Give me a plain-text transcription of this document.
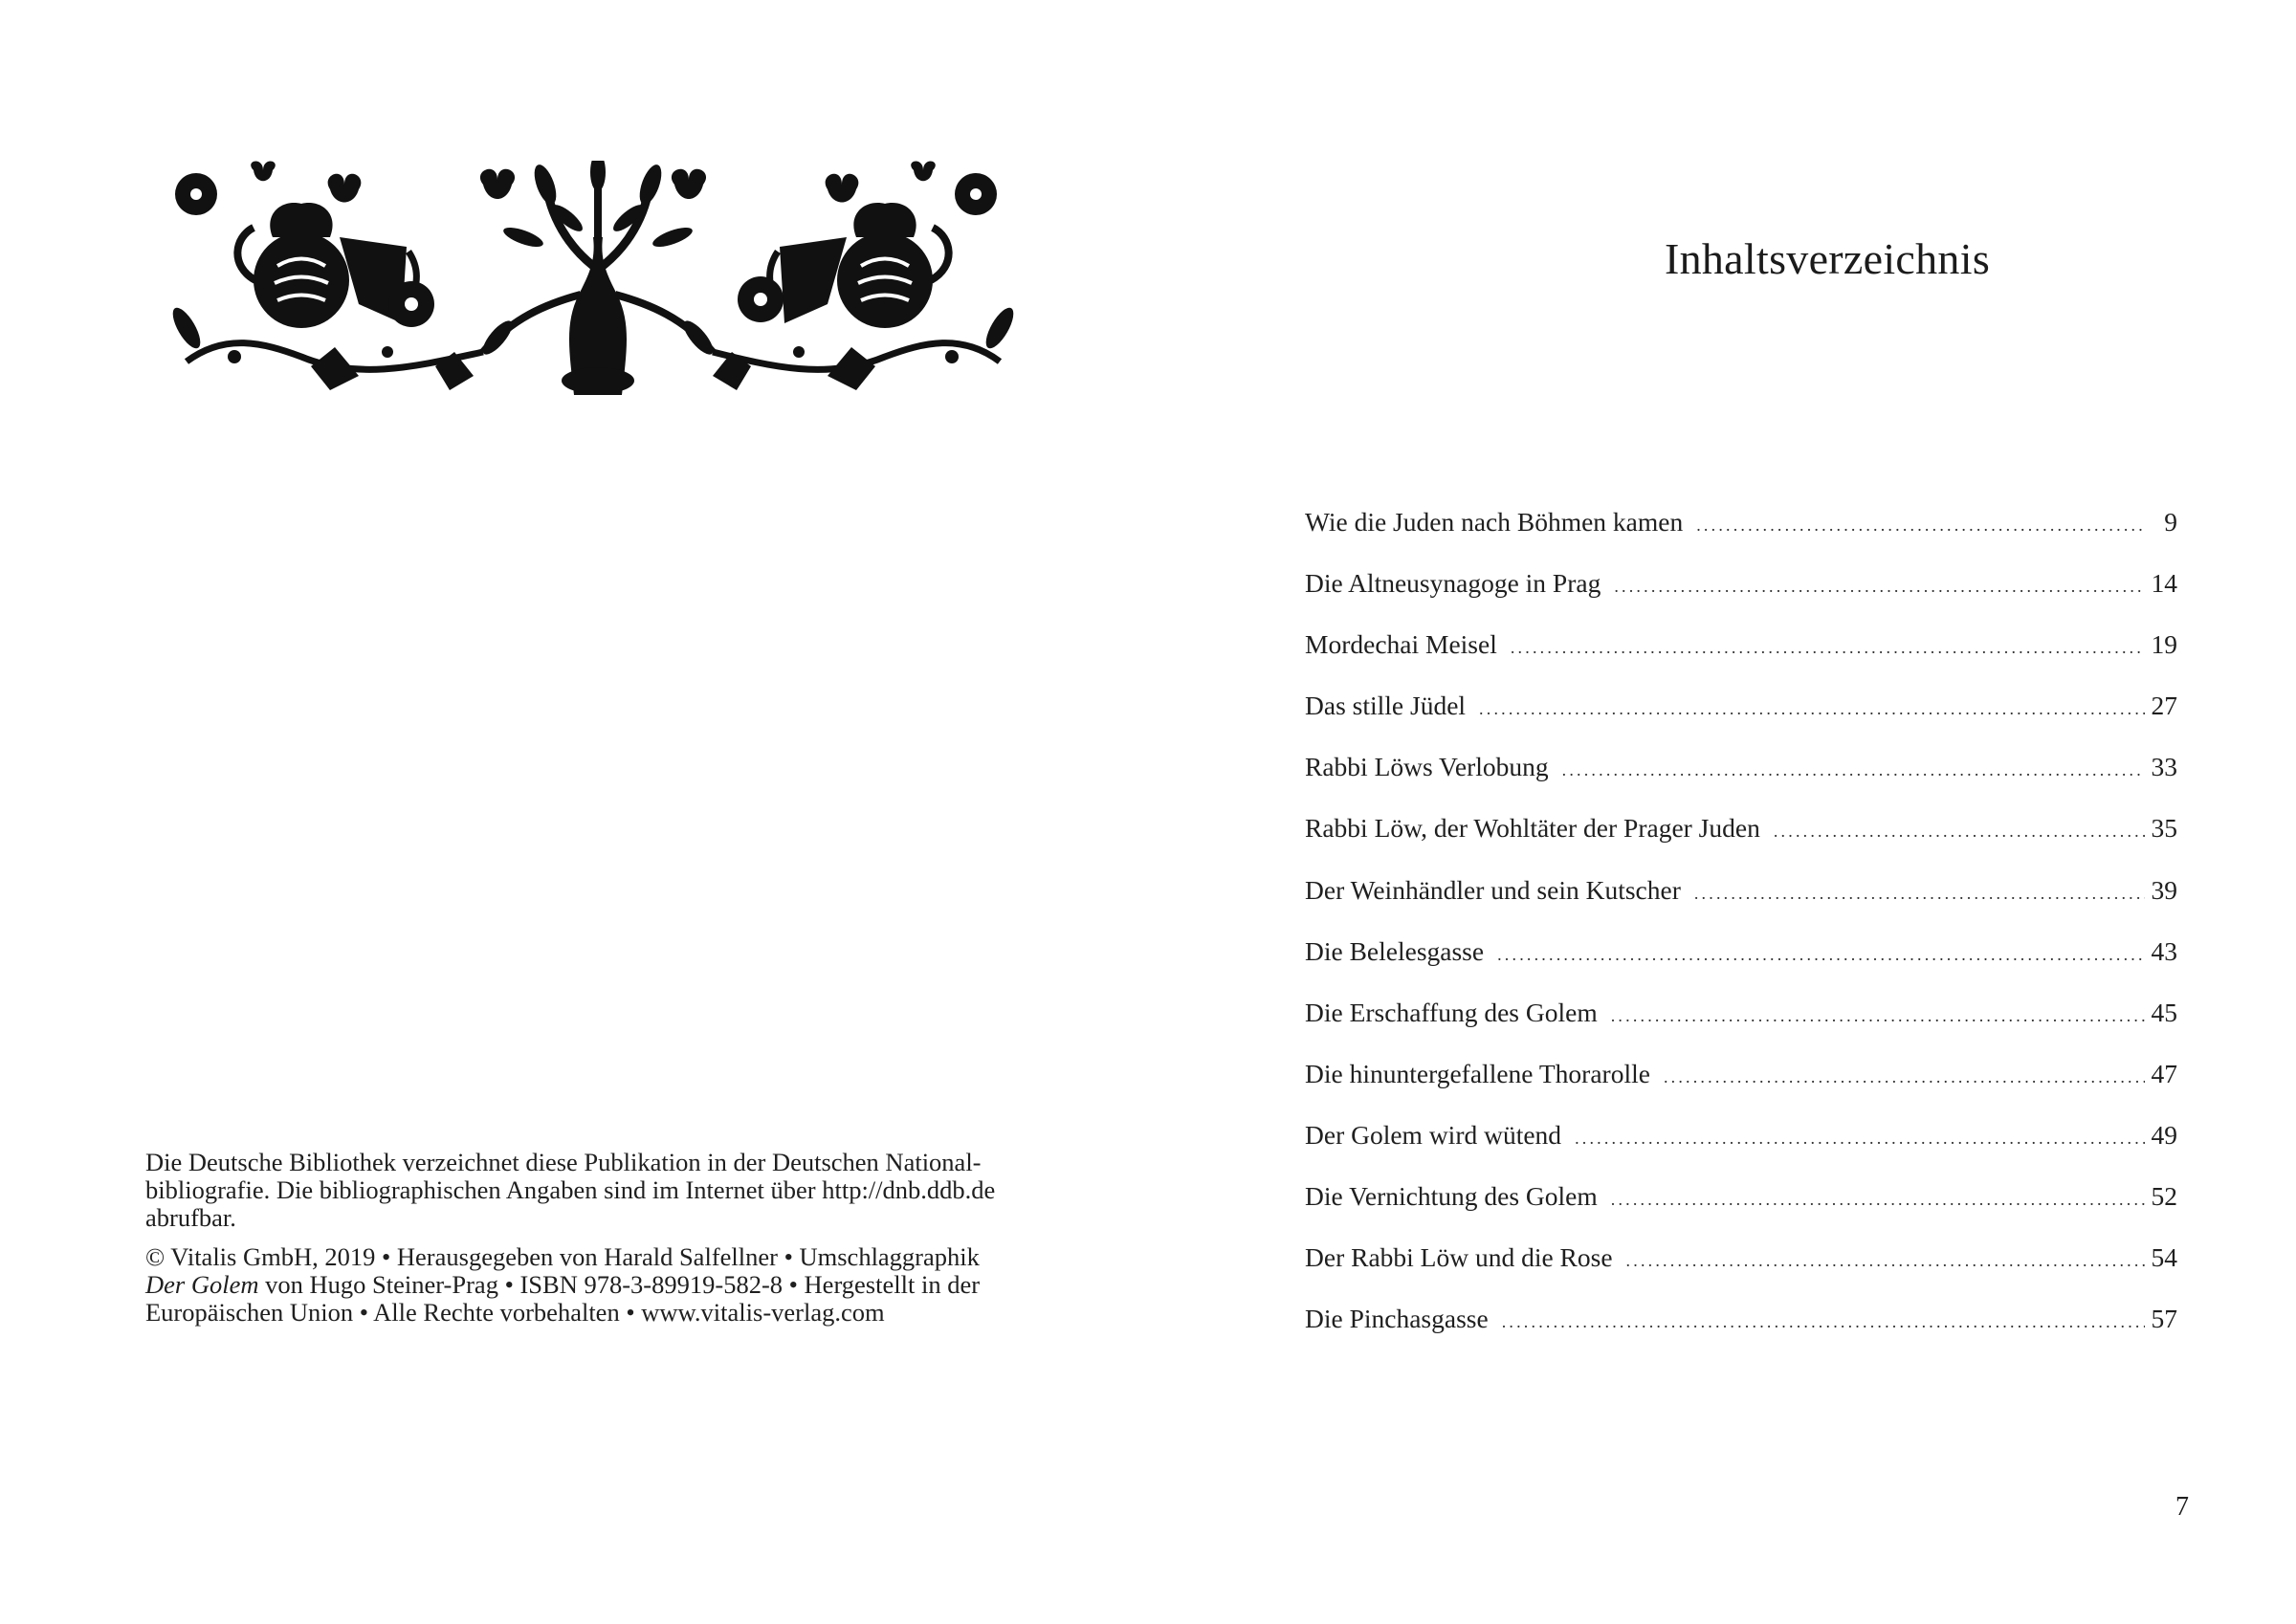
Die Deutsche Bibliothek verzeichnet diese Publikation in der Deutschen National-
bibliografie. Die bibliographischen Angaben sind im Internet über http://dnb.ddb.de
abrufbar.

© Vitalis GmbH, 2019 • Herausgegeben von Harald Salfellner • Umschlaggraphik
Der Golem von Hugo Steiner-Prag • ISBN 978-3-89919-582-8 • Hergestellt in der
Europäischen Union • Alle Rechte vorbehalten • www.vitalis-verlag.com

Inhaltsverzeichnis
Wie die Juden nach Böhmen kamen .....	9
Die Altneusynagoge in Prag .....	14
Mordechai Meisel .....	19
Das stille Jüdel .....	27
Rabbi Löws Verlobung .....	33
Rabbi Löw, der Wohltäter der Prager Juden .....	35
Der Weinhändler und sein Kutscher .....	39
Die Belelesgasse .....	43
Die Erschaffung des Golem .....	45
Die hinuntergefallene Thorarolle .....	47
Der Golem wird wütend .....	49
Die Vernichtung des Golem .....	52
Der Rabbi Löw und die Rose .....	54
Die Pinchasgasse .....	57
7
